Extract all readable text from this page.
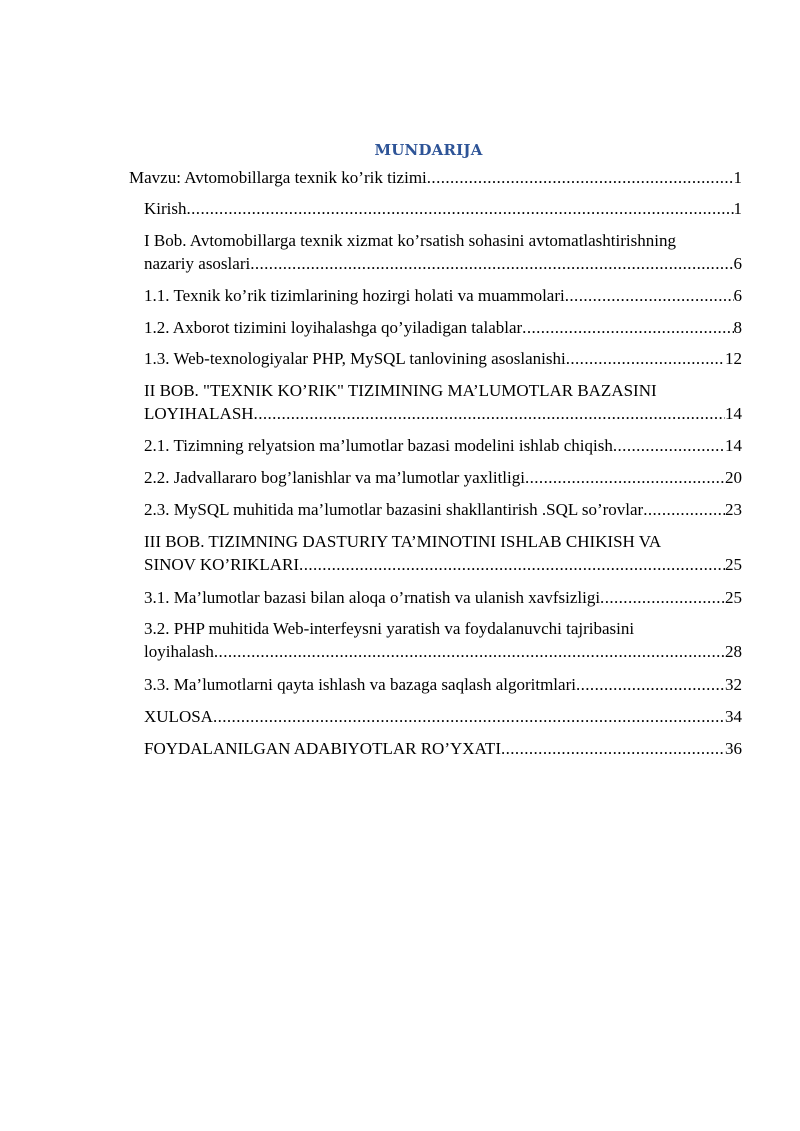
MUNDARIJA
Mavzu: Avtomobillarga texnik ko’rik tizimi .....	1
Kirish .....	1
I Bob. Avtomobillarga texnik xizmat ko’rsatish sohasini avtomatlashtirishning
nazariy asoslari .....	6
1.1. Texnik ko’rik tizimlarining hozirgi holati va muammolari .....	6
1.2. Axborot tizimini loyihalashga qo’yiladigan talablar .....	8
1.3. Web-texnologiyalar PHP, MySQL tanlovining asoslanishi .....	12
II BOB. "TEXNIK KO’RIK" TIZIMINING MA’LUMOTLAR BAZASINI
LOYIHALASH .....	14
2.1. Tizimning relyatsion ma’lumotlar bazasi modelini ishlab chiqish .....	14
2.2. Jadvallararo bog’lanishlar va ma’lumotlar yaxlitligi .....	20
2.3. MySQL muhitida ma’lumotlar bazasini shakllantirish .SQL so’rovlar .....	23
III BOB. TIZIMNING DASTURIY TA’MINOTINI ISHLAB CHIKISH VA
SINOV KO’RIKLARI .....	25
3.1. Ma’lumotlar bazasi bilan aloqa o’rnatish va ulanish xavfsizligi .....	25
3.2. PHP muhitida Web-interfeysni yaratish va foydalanuvchi tajribasini
loyihalash .....	28
3.3. Ma’lumotlarni qayta ishlash va bazaga saqlash algoritmlari .....	32
XULOSA .....	34
FOYDALANILGAN ADABIYOTLAR RO’YXATI .....	36
